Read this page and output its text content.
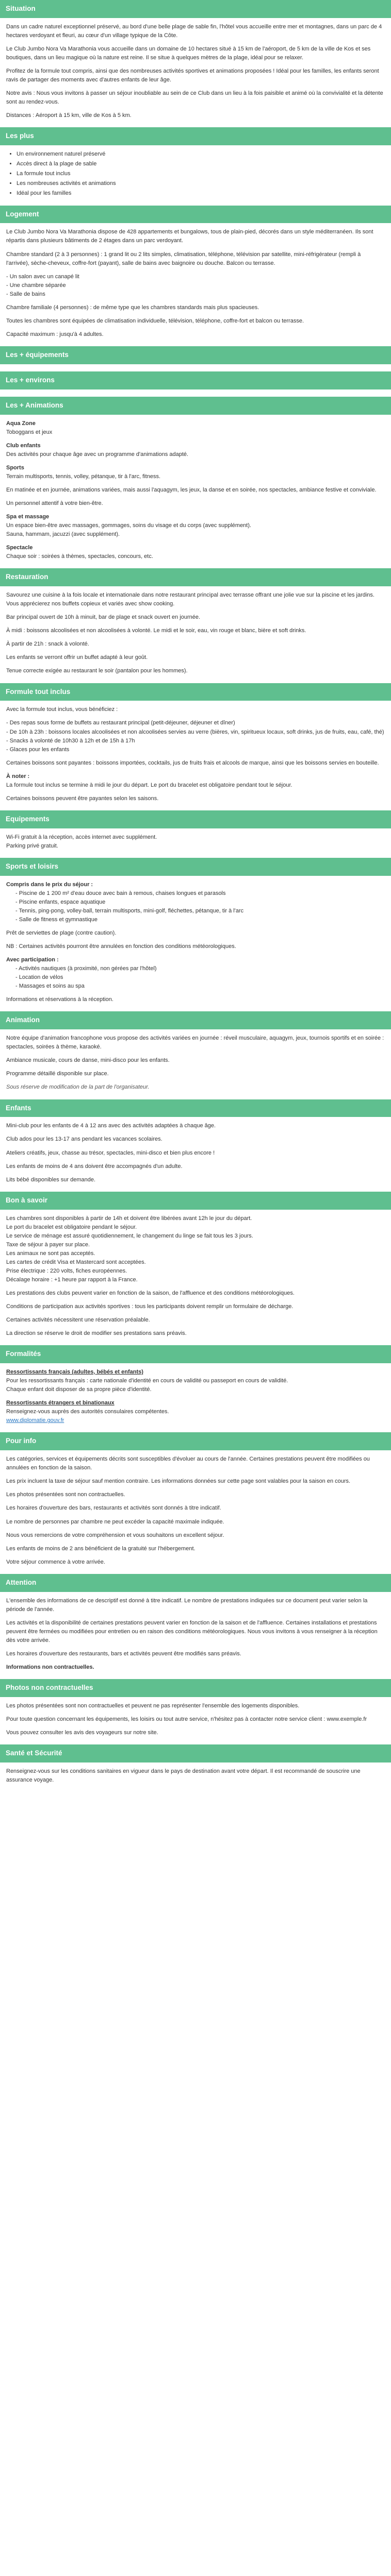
Situation

Dans un cadre naturel exceptionnel préservé, au bord d'une belle plage de sable fin, l'hôtel vous accueille entre mer et montagnes, dans un parc de 4 hectares verdoyant et fleuri, au cœur d'un village typique de la Côte.

Le Club Jumbo Nora Va Marathonia vous accueille dans un domaine de 10 hectares situé à 15 km de l'aéroport, de 5 km de la ville de Kos et ses boutiques, dans un lieu magique où la nature est reine. Il se situe à quelques mètres de la plage, idéal pour se relaxer.

Profitez de la formule tout compris, ainsi que des nombreuses activités sportives et animations proposées ! Idéal pour les familles, les enfants seront ravis de partager des moments avec d'autres enfants de leur âge.

Notre avis : Nous vous invitons à passer un séjour inoubliable au sein de ce Club dans un lieu à la fois paisible et animé où la convivialité et la détente sont au rendez-vous.

Distances : Aéroport à 15 km, ville de Kos à 5 km.

Les plus
• Un environnement naturel préservé
• Accès direct à la plage de sable
• La formule tout inclus
• Les nombreuses activités et animations
• Idéal pour les familles
Logement

Le Club Jumbo Nora Va Marathonia dispose de 428 appartements et bungalows, tous de plain-pied, décorés dans un style méditerranéen. Ils sont répartis dans plusieurs bâtiments de 2 étages dans un parc verdoyant.

Chambre standard (2 à 3 personnes) : 1 grand lit ou 2 lits simples, climatisation, téléphone, télévision par satellite, mini-réfrigérateur (rempli à l'arrivée), sèche-cheveux, coffre-fort (payant), salle de bains avec baignoire ou douche. Balcon ou terrasse.

- Un salon avec un canapé lit

- Une chambre séparée

- Salle de bains

Chambre familiale (4 personnes) : de même type que les chambres standards mais plus spacieuses.

Toutes les chambres sont équipées de climatisation individuelle, télévision, téléphone, coffre-fort et balcon ou terrasse.

Capacité maximum : jusqu'à 4 adultes.

Les + équipements
Les + environs
Les + Animations

Aqua Zone

Toboggans et jeux

Club enfants

Des activités pour chaque âge avec un programme d'animations adapté.

Sports

Terrain multisports, tennis, volley, pétanque, tir à l'arc, fitness.

En matinée et en journée, animations variées, mais aussi l'aquagym, les jeux, la danse et en soirée, nos spectacles, ambiance festive et conviviale.

Un personnel attentif à votre bien-être.

Spa et massage

Un espace bien-être avec massages, gommages, soins du visage et du corps (avec supplément).

Sauna, hammam, jacuzzi (avec supplément).

Spectacle

Chaque soir : soirées à thèmes, spectacles, concours, etc.

Restauration

Savourez une cuisine à la fois locale et internationale dans notre restaurant principal avec terrasse offrant une jolie vue sur la piscine et les jardins. Vous apprécierez nos buffets copieux et variés avec show cooking.

Bar principal ouvert de 10h à minuit, bar de plage et snack ouvert en journée.

À midi : boissons alcoolisées et non alcoolisées à volonté. Le midi et le soir, eau, vin rouge et blanc, bière et soft drinks.

À partir de 21h : snack à volonté.

Les enfants se verront offrir un buffet adapté à leur goût.

Tenue correcte exigée au restaurant le soir (pantalon pour les hommes).

Formule tout inclus

Avec la formule tout inclus, vous bénéficiez :

- Des repas sous forme de buffets au restaurant principal (petit-déjeuner, déjeuner et dîner)

- De 10h à 23h : boissons locales alcoolisées et non alcoolisées servies au verre (bières, vin, spiritueux locaux, soft drinks, jus de fruits, eau, café, thé)

- Snacks à volonté de 10h30 à 12h et de 15h à 17h

- Glaces pour les enfants

Certaines boissons sont payantes : boissons importées, cocktails, jus de fruits frais et alcools de marque, ainsi que les boissons servies en bouteille.

À noter :

La formule tout inclus se termine à midi le jour du départ. Le port du bracelet est obligatoire pendant tout le séjour.

Certaines boissons peuvent être payantes selon les saisons.

Equipements

Wi-Fi gratuit à la réception, accès internet avec supplément.

Parking privé gratuit.

Sports et loisirs

Compris dans le prix du séjour :

- Piscine de 1 200 m² d'eau douce avec bain à remous, chaises longues et parasols

- Piscine enfants, espace aquatique

- Tennis, ping-pong, volley-ball, terrain multisports, mini-golf, fléchettes, pétanque, tir à l'arc

- Salle de fitness et gymnastique

Prêt de serviettes de plage (contre caution).

NB : Certaines activités pourront être annulées en fonction des conditions météorologiques.

Avec participation :

- Activités nautiques (à proximité, non gérées par l'hôtel)

- Location de vélos

- Massages et soins au spa

Informations et réservations à la réception.

Animation

Notre équipe d'animation francophone vous propose des activités variées en journée : réveil musculaire, aquagym, jeux, tournois sportifs et en soirée : spectacles, soirées à thème, karaoké.

Ambiance musicale, cours de danse, mini-disco pour les enfants.

Programme détaillé disponible sur place.

Sous réserve de modification de la part de l'organisateur.

Enfants

Mini-club pour les enfants de 4 à 12 ans avec des activités adaptées à chaque âge.

Club ados pour les 13-17 ans pendant les vacances scolaires.

Ateliers créatifs, jeux, chasse au trésor, spectacles, mini-disco et bien plus encore !

Les enfants de moins de 4 ans doivent être accompagnés d'un adulte.

Lits bébé disponibles sur demande.

Bon à savoir

Les chambres sont disponibles à partir de 14h et doivent être libérées avant 12h le jour du départ.

Le port du bracelet est obligatoire pendant le séjour.

Le service de ménage est assuré quotidiennement, le changement du linge se fait tous les 3 jours.

Taxe de séjour à payer sur place.

Les animaux ne sont pas acceptés.

Les cartes de crédit Visa et Mastercard sont acceptées.

Prise électrique : 220 volts, fiches européennes.

Décalage horaire : +1 heure par rapport à la France.

Les prestations des clubs peuvent varier en fonction de la saison, de l'affluence et des conditions météorologiques.

Conditions de participation aux activités sportives : tous les participants doivent remplir un formulaire de décharge.

Certaines activités nécessitent une réservation préalable.

La direction se réserve le droit de modifier ses prestations sans préavis.

Formalités

Ressortissants français (adultes, bébés et enfants)

Pour les ressortissants français : carte nationale d'identité en cours de validité ou passeport en cours de validité.

Chaque enfant doit disposer de sa propre pièce d'identité.

Ressortissants étrangers et binationaux

Renseignez-vous auprès des autorités consulaires compétentes.

www.diplomatie.gouv.fr

Pour info

Les catégories, services et équipements décrits sont susceptibles d'évoluer au cours de l'année. Certaines prestations peuvent être modifiées ou annulées en fonction de la saison.

Les prix incluent la taxe de séjour sauf mention contraire. Les informations données sur cette page sont valables pour la saison en cours.

Les photos présentées sont non contractuelles.

Les horaires d'ouverture des bars, restaurants et activités sont donnés à titre indicatif.

Le nombre de personnes par chambre ne peut excéder la capacité maximale indiquée.

Nous vous remercions de votre compréhension et vous souhaitons un excellent séjour.

Les enfants de moins de 2 ans bénéficient de la gratuité sur l'hébergement.

Votre séjour commence à votre arrivée.

Attention

L'ensemble des informations de ce descriptif est donné à titre indicatif. Le nombre de prestations indiquées sur ce document peut varier selon la période de l'année.

Les activités et la disponibilité de certaines prestations peuvent varier en fonction de la saison et de l'affluence. Certaines installations et prestations peuvent être fermées ou modifiées pour entretien ou en raison des conditions météorologiques. Nous vous invitons à vous renseigner à la réception dès votre arrivée.

Les horaires d'ouverture des restaurants, bars et activités peuvent être modifiés sans préavis.

Informations non contractuelles.

Photos non contractuelles

Les photos présentées sont non contractuelles et peuvent ne pas représenter l'ensemble des logements disponibles.

Pour toute question concernant les équipements, les loisirs ou tout autre service, n'hésitez pas à contacter notre service client : www.exemple.fr

Vous pouvez consulter les avis des voyageurs sur notre site.

Santé et Sécurité

Renseignez-vous sur les conditions sanitaires en vigueur dans le pays de destination avant votre départ. Il est recommandé de souscrire une assurance voyage.
